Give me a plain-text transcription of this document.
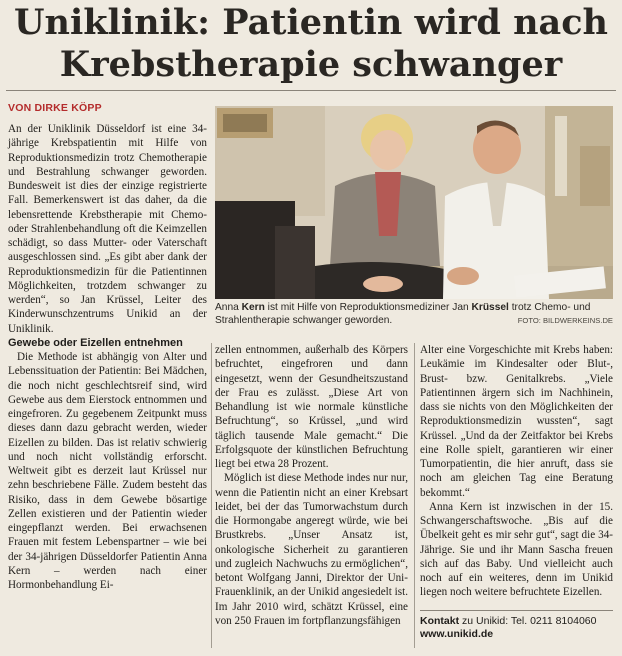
Uniklinik: Patientin wird nach
Krebstherapie schwanger
VON DIRKE KÖPP

An der Uniklinik Düsseldorf ist eine 34-jährige Krebspatientin mit Hilfe von Reproduktionsmedizin trotz Chemotherapie und Bestrahlung schwanger geworden. Bundesweit ist dies der einzige registrierte Fall. Bemerkenswert ist das daher, da die lebensrettende Krebstherapie mit Chemo- oder Strahlenbehandlung oft die Keimzellen schädigt, so dass Mutter- oder Vaterschaft ausgeschlossen sind. „Es gibt aber dank der Reproduktionsmedizin für die Patientinnen Möglichkeiten, trotzdem schwanger zu werden“, so Jan Krüssel, Leiter des Kinderwunschzentrums Unikid an der Uniklinik.

Gewebe oder Eizellen entnehmen

Die Methode ist abhängig von Alter und Lebenssituation der Patientin: Bei Mädchen, die noch nicht geschlechtsreif sind, wird Gewebe aus dem Eierstock entnommen und eingefroren. Zu gegebenem Zeitpunkt muss dieses dann dazu gebracht werden, wieder Eizellen zu bilden. Das ist relativ schwierig und noch nicht vollständig erforscht. Weltweit gibt es derzeit laut Krüssel nur zehn beschriebene Fälle. Zudem besteht das Risiko, dass in dem Gewebe bösartige Zellen existieren und der Patientin wieder eingepflanzt werden. Bei erwachsenen Frauen mit festem Lebenspartner – wie bei der 34-jährigen Düsseldorfer Patientin Anna Kern – werden nach einer Hormonbehandlung Ei-

Anna Kern ist mit Hilfe von Reproduktionsmediziner Jan Krüssel trotz Chemo- und Strahlentherapie schwanger geworden.	FOTO: BILDWERKEINS.DE

zellen entnommen, außerhalb des Körpers befruchtet, eingefroren und dann eingesetzt, wenn der Gesundheitszustand der Frau es zulässt. „Diese Art von Behandlung ist wie normale künstliche Befruchtung“, so Krüssel, „und wird täglich tausende Male gemacht.“ Die Erfolgsquote der künstlichen Befruchtung liegt bei etwa 28 Prozent.

Möglich ist diese Methode indes nur nur, wenn die Patientin nicht an einer Krebsart leidet, bei der das Tumorwachstum durch die Hormongabe angeregt würde, wie bei Brustkrebs. „Unser Ansatz ist, onkologische Sicherheit zu garantieren und zugleich Nachwuchs zu ermöglichen“, betont Wolfgang Janni, Direktor der Uni-Frauenklinik, an der Unikid angesiedelt ist. Im Jahr 2010 wird, schätzt Krüssel, eine von 250 Frauen im fortpflanzungsfähigen

Alter eine Vorgeschichte mit Krebs haben: Leukämie im Kindesalter oder Blut-, Brust- bzw. Genitalkrebs. „Viele Patientinnen ärgern sich im Nachhinein, dass sie nichts von den Möglichkeiten der Reproduktionsmedizin wussten“, sagt Krüssel. „Und da der Zeitfaktor bei Krebs eine Rolle spielt, garantieren wir einer Tumorpatientin, die hier anruft, dass sie noch am gleichen Tag eine Beratung bekommt.“

Anna Kern ist inzwischen in der 15. Schwangerschaftswoche. „Bis auf die Übelkeit geht es mir sehr gut“, sagt die 34-Jährige. Sie und ihr Mann Sascha freuen sich auf das Baby. Und vielleicht auch noch auf ein weiteres, denn im Unikid liegen noch weitere befruchtete Eizellen.

Kontakt zu Unikid: Tel. 0211 8104060
www.unikid.de
